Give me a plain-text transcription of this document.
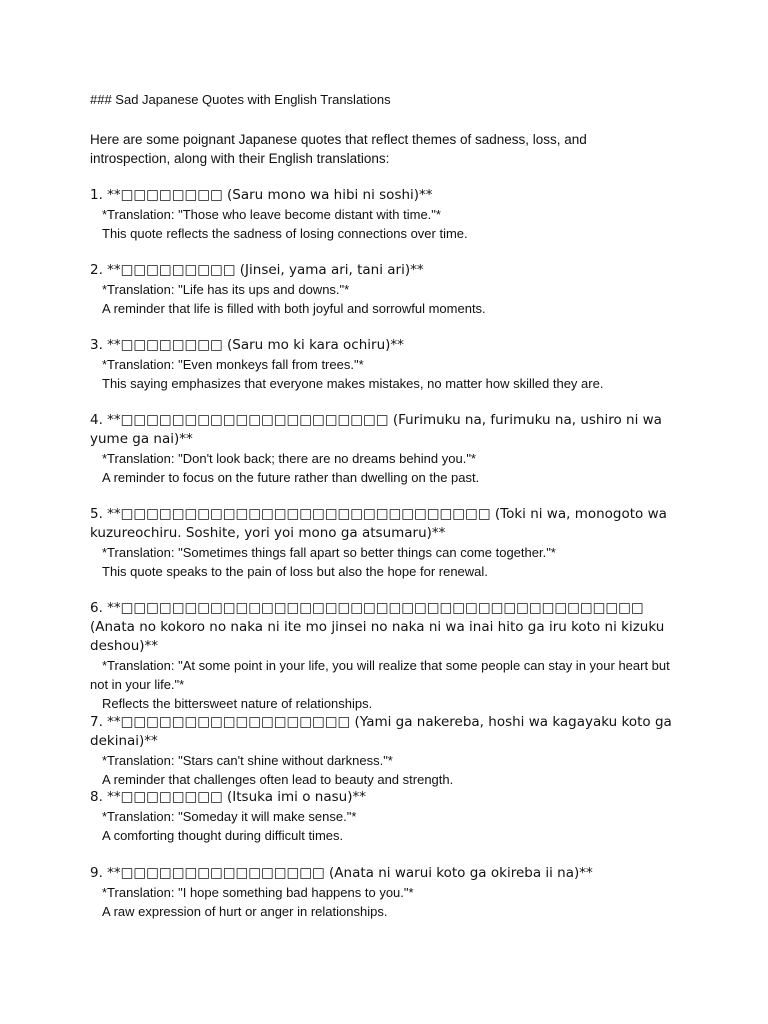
### Sad Japanese Quotes with English Translations

Here are some poignant Japanese quotes that reflect themes of sadness, loss, and introspection, along with their English translations:

1. **□□□□□□□□ (Saru mono wa hibi ni soshi)**

*Translation: "Those who leave become distant with time."*

This quote reflects the sadness of losing connections over time.

2. **□□□□□□□□□ (Jinsei, yama ari, tani ari)**

*Translation: "Life has its ups and downs."*

A reminder that life is filled with both joyful and sorrowful moments.

3. **□□□□□□□□ (Saru mo ki kara ochiru)**

*Translation: "Even monkeys fall from trees."*

This saying emphasizes that everyone makes mistakes, no matter how skilled they are.

4. **□□□□□□□□□□□□□□□□□□□□□ (Furimuku na, furimuku na, ushiro ni wa yume ga nai)**

*Translation: "Don't look back; there are no dreams behind you."*

A reminder to focus on the future rather than dwelling on the past.

5. **□□□□□□□□□□□□□□□□□□□□□□□□□□□□□ (Toki ni wa, monogoto wa kuzureochiru. Soshite, yori yoi mono ga atsumaru)**

*Translation: "Sometimes things fall apart so better things can come together."*

This quote speaks to the pain of loss but also the hope for renewal.

6. **□□□□□□□□□□□□□□□□□□□□□□□□□□□□□□□□□□□□□□□□□ (Anata no kokoro no naka ni ite mo jinsei no naka ni wa inai hito ga iru koto ni kizuku deshou)**

*Translation: "At some point in your life, you will realize that some people can stay in your heart but not in your life."*

Reflects the bittersweet nature of relationships.

7. **□□□□□□□□□□□□□□□□□□ (Yami ga nakereba, hoshi wa kagayaku koto ga dekinai)**

*Translation: "Stars can't shine without darkness."*

A reminder that challenges often lead to beauty and strength.

8. **□□□□□□□□ (Itsuka imi o nasu)**

*Translation: "Someday it will make sense."*

A comforting thought during difficult times.

9. **□□□□□□□□□□□□□□□□ (Anata ni warui koto ga okireba ii na)**

*Translation: "I hope something bad happens to you."*

A raw expression of hurt or anger in relationships.
